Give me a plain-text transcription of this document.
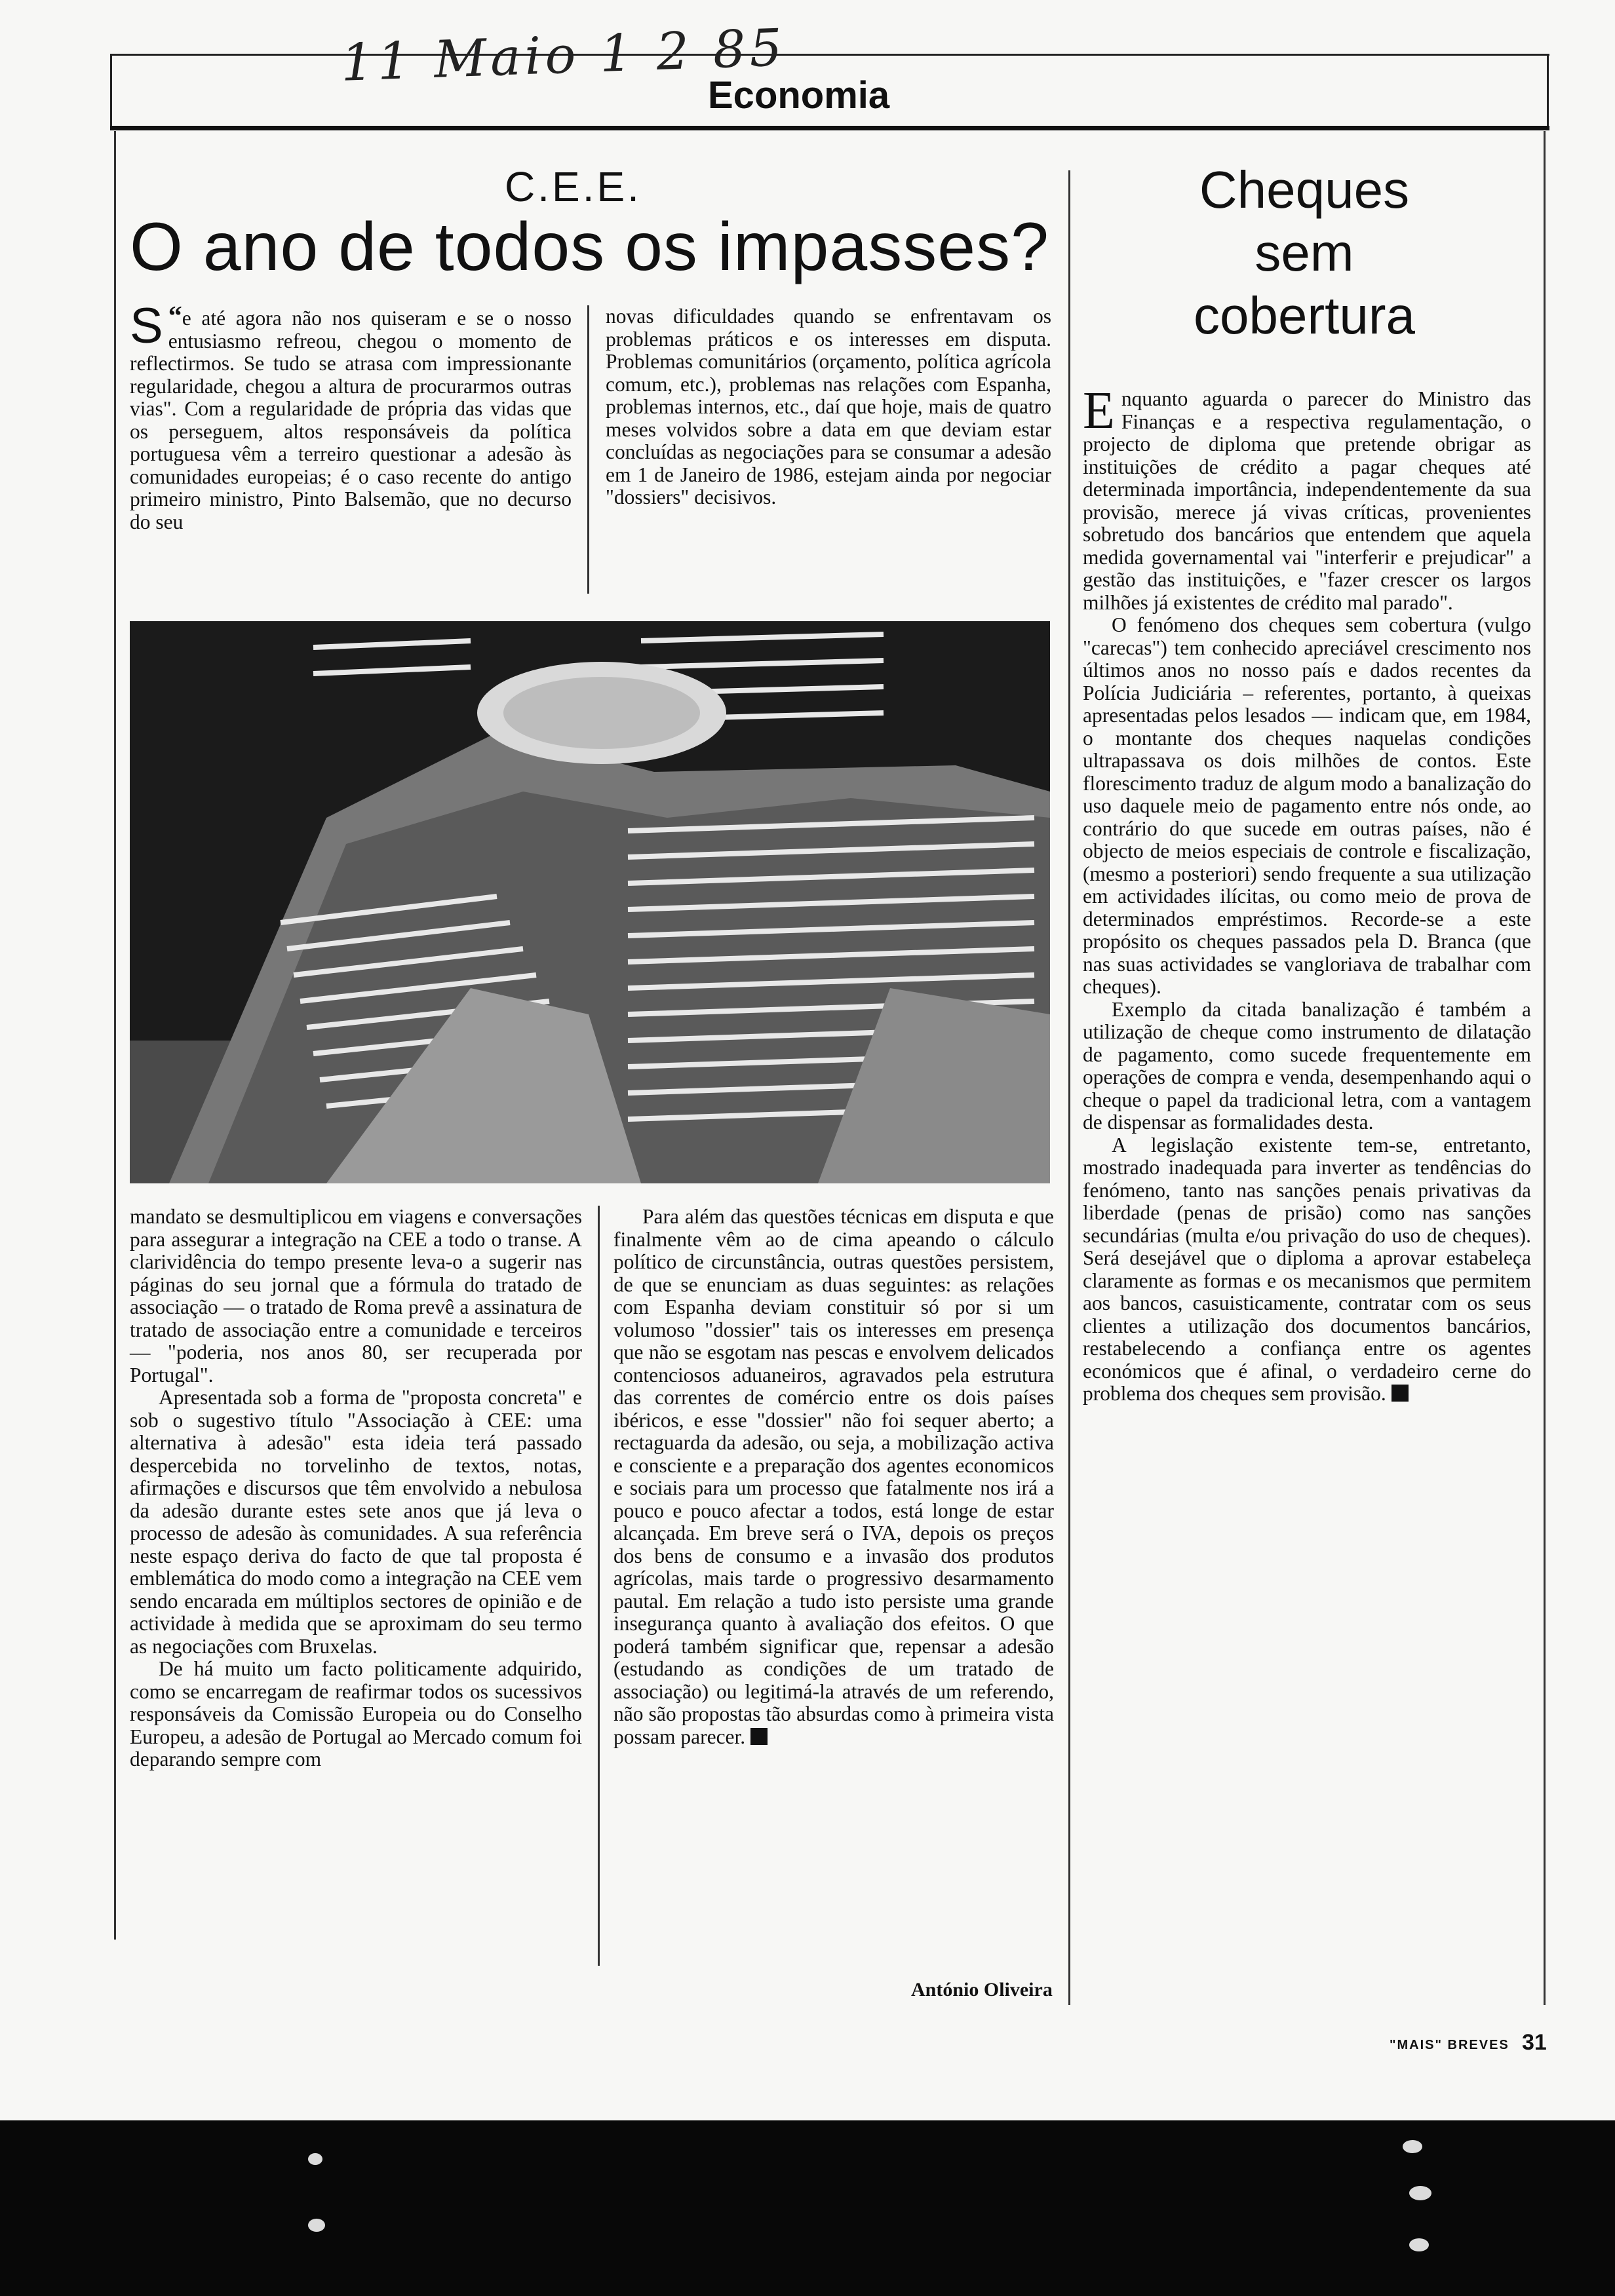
11 Maio 1 2 85
Economia
C.E.E.
O ano de todos os impasses?
Cheques
sem
cobertura

“
S e até agora não nos quiseram e se o nosso entusiasmo refreou, chegou o momento de reflectirmos. Se tudo se atrasa com impressionante regularidade, chegou a altura de procurarmos outras vias". Com a regularidade de própria das vidas que os perseguem, altos responsáveis da política portuguesa vêm a terreiro questionar a adesão às comunidades europeias; é o caso recente do antigo primeiro ministro, Pinto Balsemão, que no decurso do seu

novas dificuldades quando se enfrentavam os problemas práticos e os interesses em disputa. Problemas comunitários (orçamento, política agrícola comum, etc.), problemas nas relações com Espanha, problemas internos, etc., daí que hoje, mais de quatro meses volvidos sobre a data em que deviam estar concluídas as negociações para se consumar a adesão em 1 de Janeiro de 1986, estejam ainda por negociar "dossiers" decisivos.

mandato se desmultiplicou em viagens e conversações para assegurar a integração na CEE a todo o transe. A clarividência do tempo presente leva-o a sugerir nas páginas do seu jornal que a fórmula do tratado de associação — o tratado de Roma prevê a assinatura de tratado de associação entre a comunidade e terceiros — "poderia, nos anos 80, ser recuperada por Portugal".

Apresentada sob a forma de "proposta concreta" e sob o sugestivo título "Associação à CEE: uma alternativa à adesão" esta ideia terá passado despercebida no torvelinho de textos, notas, afirmações e discursos que têm envolvido a nebulosa da adesão durante estes sete anos que já leva o processo de adesão às comunidades. A sua referência neste espaço deriva do facto de que tal proposta é emblemática do modo como a integração na CEE vem sendo encarada em múltiplos sectores de opinião e de actividade à medida que se aproximam do seu termo as negociações com Bruxelas.

De há muito um facto politicamente adquirido, como se encarregam de reafirmar todos os sucessivos responsáveis da Comissão Europeia ou do Conselho Europeu, a adesão de Portugal ao Mercado comum foi deparando sempre com

Para além das questões técnicas em disputa e que finalmente vêm ao de cima apeando o cálculo político de circunstância, outras questões persistem, de que se enunciam as duas seguintes: as relações com Espanha deviam constituir só por si um volumoso "dossier" tais os interesses em presença que não se esgotam nas pescas e envolvem delicados contenciosos aduaneiros, agravados pela estrutura das correntes de comércio entre os dois países ibéricos, e esse "dossier" não foi sequer aberto; a rectaguarda da adesão, ou seja, a mobilização activa e consciente e a preparação dos agentes economicos e sociais para um processo que fatalmente nos irá a pouco e pouco afectar a todos, está longe de estar alcançada. Em breve será o IVA, depois os preços dos bens de consumo e a invasão dos produtos agrícolas, mais tarde o progressivo desarmamento pautal. Em relação a tudo isto persiste uma grande insegurança quanto à avaliação dos efeitos. O que poderá também significar que, repensar a adesão (estudando as condições de um tratado de associação) ou legitimá-la através de um referendo, não são propostas tão absurdas como à primeira vista possam parecer.

António Oliveira

Enquanto aguarda o parecer do Ministro das Finanças e a respectiva regulamentação, o projecto de diploma que pretende obrigar as instituições de crédito a pagar cheques até determinada importância, independentemente da sua provisão, merece já vivas críticas, provenientes sobretudo dos bancários que entendem que aquela medida governamental vai "interferir e prejudicar" a gestão das instituições, e "fazer crescer os largos milhões já existentes de crédito mal parado".

O fenómeno dos cheques sem cobertura (vulgo "carecas") tem conhecido apreciável crescimento nos últimos anos no nosso país e dados recentes da Polícia Judiciária – referentes, portanto, à queixas apresentadas pelos lesados — indicam que, em 1984, o montante dos cheques naquelas condições ultrapassava os dois milhões de contos. Este florescimento traduz de algum modo a banalização do uso daquele meio de pagamento entre nós onde, ao contrário do que sucede em outras países, não é objecto de meios especiais de controle e fiscalização, (mesmo a posteriori) sendo frequente a sua utilização em actividades ilícitas, ou como meio de prova de determinados empréstimos. Recorde-se a este propósito os cheques passados pela D. Branca (que nas suas actividades se vangloriava de trabalhar com cheques).

Exemplo da citada banalização é também a utilização de cheque como instrumento de dilatação de pagamento, como sucede frequentemente em operações de compra e venda, desempenhando aqui o cheque o papel da tradicional letra, com a vantagem de dispensar as formalidades desta.

A legislação existente tem-se, entretanto, mostrado inadequada para inverter as tendências do fenómeno, tanto nas sanções penais privativas da liberdade (penas de prisão) como nas sanções secundárias (multa e/ou privação do uso de cheques). Será desejável que o diploma a aprovar estabeleça claramente as formas e os mecanismos que permitem aos bancos, casuisticamente, contratar com os seus clientes a utilização dos documentos bancários, restabelecendo a confiança entre os agentes económicos que é afinal, o verdadeiro cerne do problema dos cheques sem provisão.

"MAIS" BREVES 31
